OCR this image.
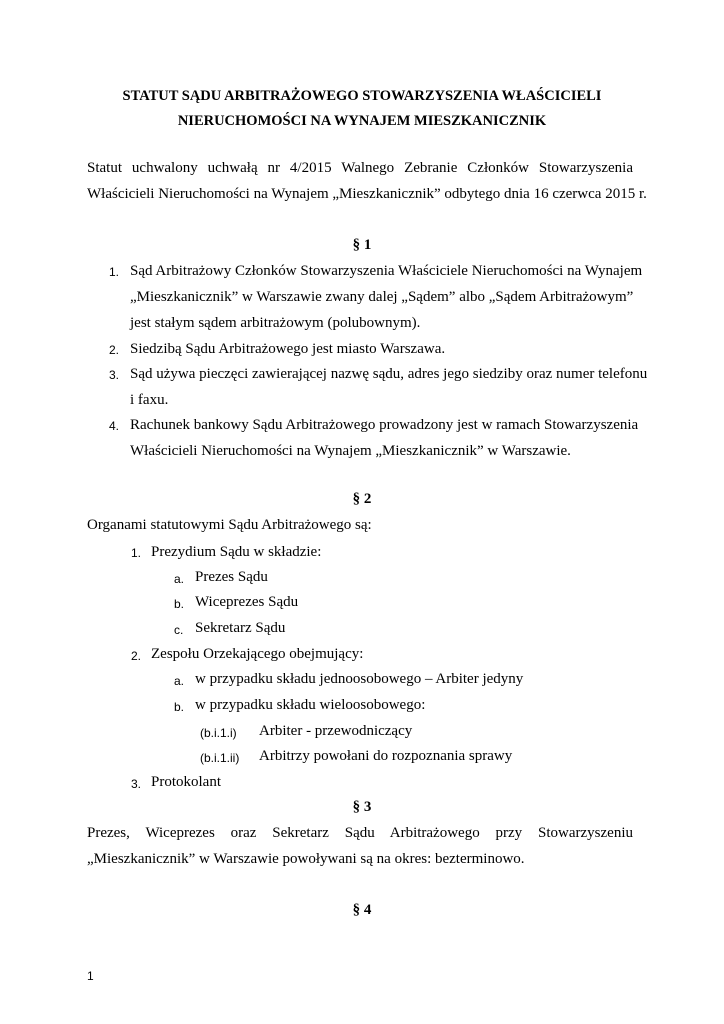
STATUT SĄDU ARBITRAŻOWEGO STOWARZYSZENIA WŁAŚCICIELI
NIERUCHOMOŚCI NA WYNAJEM MIESZKANICZNIK
Statut uchwalony uchwałą nr 4/2015 Walnego Zebranie Członków Stowarzyszenia
Właścicieli Nieruchomości na Wynajem „Mieszkanicznik” odbytego dnia 16 czerwca 2015 r.
§ 1
1. Sąd Arbitrażowy Członków Stowarzyszenia Właściciele Nieruchomości na Wynajem
„Mieszkanicznik” w Warszawie zwany dalej „Sądem” albo „Sądem Arbitrażowym”
jest stałym sądem arbitrażowym (polubownym).
2. Siedzibą Sądu Arbitrażowego jest miasto Warszawa.
3. Sąd używa pieczęci zawierającej nazwę sądu, adres jego siedziby oraz numer telefonu
i faxu.
4. Rachunek bankowy Sądu Arbitrażowego prowadzony jest w ramach Stowarzyszenia
Właścicieli Nieruchomości na Wynajem „Mieszkanicznik” w Warszawie.
§ 2
Organami statutowymi Sądu Arbitrażowego są:
1. Prezydium Sądu w składzie:
a. Prezes Sądu
b. Wiceprezes Sądu
c. Sekretarz Sądu
2. Zespołu Orzekającego obejmujący:
a. w przypadku składu jednoosobowego – Arbiter jedyny
b. w przypadku składu wieloosobowego:
(b.i.1.i) Arbiter - przewodniczący
(b.i.1.ii) Arbitrzy powołani do rozpoznania sprawy
3. Protokolant
§ 3
Prezes, Wiceprezes oraz Sekretarz Sądu Arbitrażowego przy Stowarzyszeniu
„Mieszkanicznik” w Warszawie powoływani są na okres: bezterminowo.
§ 4
1
